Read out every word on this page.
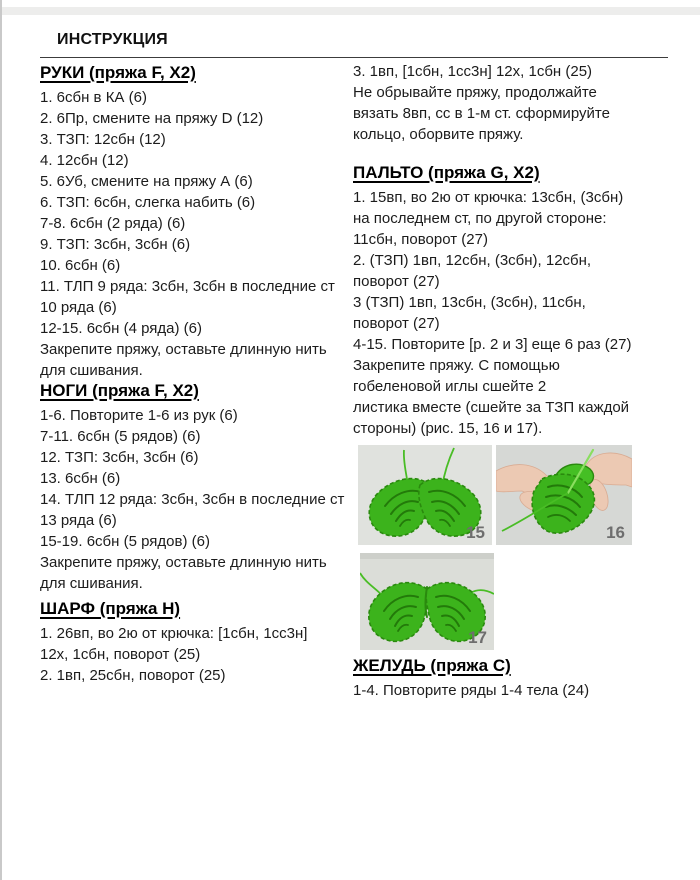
ИНСТРУКЦИЯ
РУКИ (пряжа F, X2)
1. 6сбн в КА (6)
2. 6Пр, смените на пряжу D (12)
3. ТЗП: 12сбн (12)
4. 12сбн (12)
5. 6Уб, смените на пряжу А (6)
6. ТЗП: 6сбн, слегка набить (6)
7-8. 6сбн (2 ряда) (6)
9. ТЗП: 3сбн, 3сбн (6)
10. 6сбн (6)
11. ТЛП 9 ряда: 3сбн, 3сбн в последние ст
10 ряда (6)
12-15. 6сбн (4 ряда) (6)
Закрепите пряжу, оставьте длинную нить
для сшивания.
НОГИ (пряжа F, X2)
1-6. Повторите 1-6 из рук (6)
7-11. 6сбн (5 рядов) (6)
12. ТЗП: 3сбн, 3сбн (6)
13. 6сбн (6)
14. ТЛП 12 ряда: 3сбн, 3сбн в последние ст
13 ряда (6)
15-19. 6сбн (5 рядов) (6)
Закрепите пряжу, оставьте длинную нить
для сшивания.
ШАРФ (пряжа H)
1. 26вп, во 2ю от крючка: [1сбн, 1сс3н]
12х, 1сбн, поворот (25)
2. 1вп, 25сбн, поворот (25)
3. 1вп, [1сбн, 1сс3н] 12х, 1сбн (25)
Не обрывайте пряжу, продолжайте
вязать 8вп, сс в 1-м ст. сформируйте
кольцо, оборвите пряжу.
ПАЛЬТО (пряжа G, X2)
1. 15вп, во 2ю от крючка: 13сбн, (3сбн)
на последнем ст, по другой стороне:
11сбн, поворот (27)
2. (ТЗП) 1вп, 12сбн, (3сбн), 12сбн,
поворот (27)
3 (ТЗП) 1вп, 13сбн, (3сбн), 11сбн,
поворот (27)
4-15. Повторите [р. 2 и 3] еще 6 раз (27)
Закрепите пряжу. С помощью
гобеленовой иглы сшейте 2
листика вместе (сшейте за ТЗП каждой
стороны) (рис. 15, 16 и 17).
15	16
17
ЖЕЛУДЬ (пряжа C)
1-4. Повторите ряды 1-4 тела (24)
